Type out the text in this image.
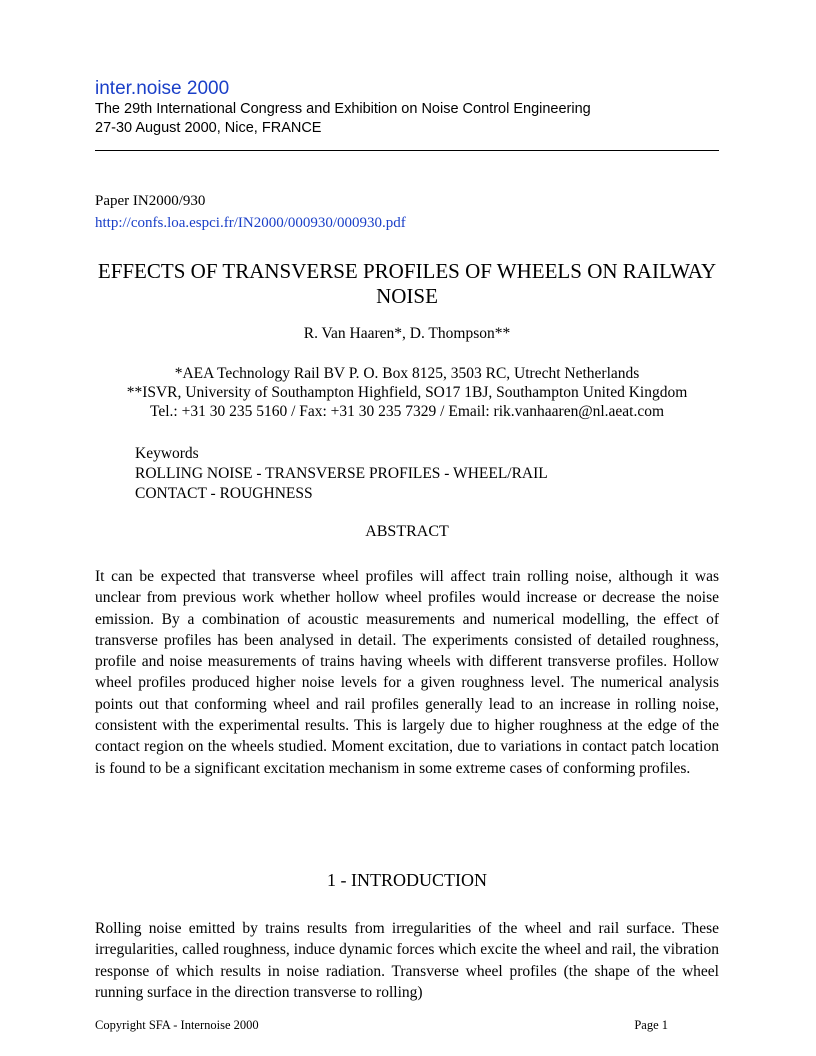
inter.noise 2000
The 29th International Congress and Exhibition on Noise Control Engineering
27-30 August 2000, Nice, FRANCE
Paper IN2000/930
http://confs.loa.espci.fr/IN2000/000930/000930.pdf
EFFECTS OF TRANSVERSE PROFILES OF WHEELS ON RAILWAY NOISE
R. Van Haaren*, D. Thompson**
*AEA Technology Rail BV P. O. Box 8125, 3503 RC, Utrecht Netherlands
**ISVR, University of Southampton Highfield, SO17 1BJ, Southampton United Kingdom
Tel.: +31 30 235 5160 / Fax: +31 30 235 7329 / Email: rik.vanhaaren@nl.aeat.com
Keywords
ROLLING NOISE - TRANSVERSE PROFILES - WHEEL/RAIL
CONTACT - ROUGHNESS
ABSTRACT

It can be expected that transverse wheel profiles will affect train rolling noise, although it was unclear from previous work whether hollow wheel profiles would increase or decrease the noise emission. By a combination of acoustic measurements and numerical modelling, the effect of transverse profiles has been analysed in detail. The experiments consisted of detailed roughness, profile and noise measurements of trains having wheels with different transverse profiles. Hollow wheel profiles produced higher noise levels for a given roughness level. The numerical analysis points out that conforming wheel and rail profiles generally lead to an increase in rolling noise, consistent with the experimental results. This is largely due to higher roughness at the edge of the contact region on the wheels studied. Moment excitation, due to variations in contact patch location is found to be a significant excitation mechanism in some extreme cases of conforming profiles.

1 - INTRODUCTION

Rolling noise emitted by trains results from irregularities of the wheel and rail surface. These irregularities, called roughness, induce dynamic forces which excite the wheel and rail, the vibration response of which results in noise radiation. Transverse wheel profiles (the shape of the wheel running surface in the direction transverse to rolling)

Copyright SFA - Internoise 2000	Page 1
